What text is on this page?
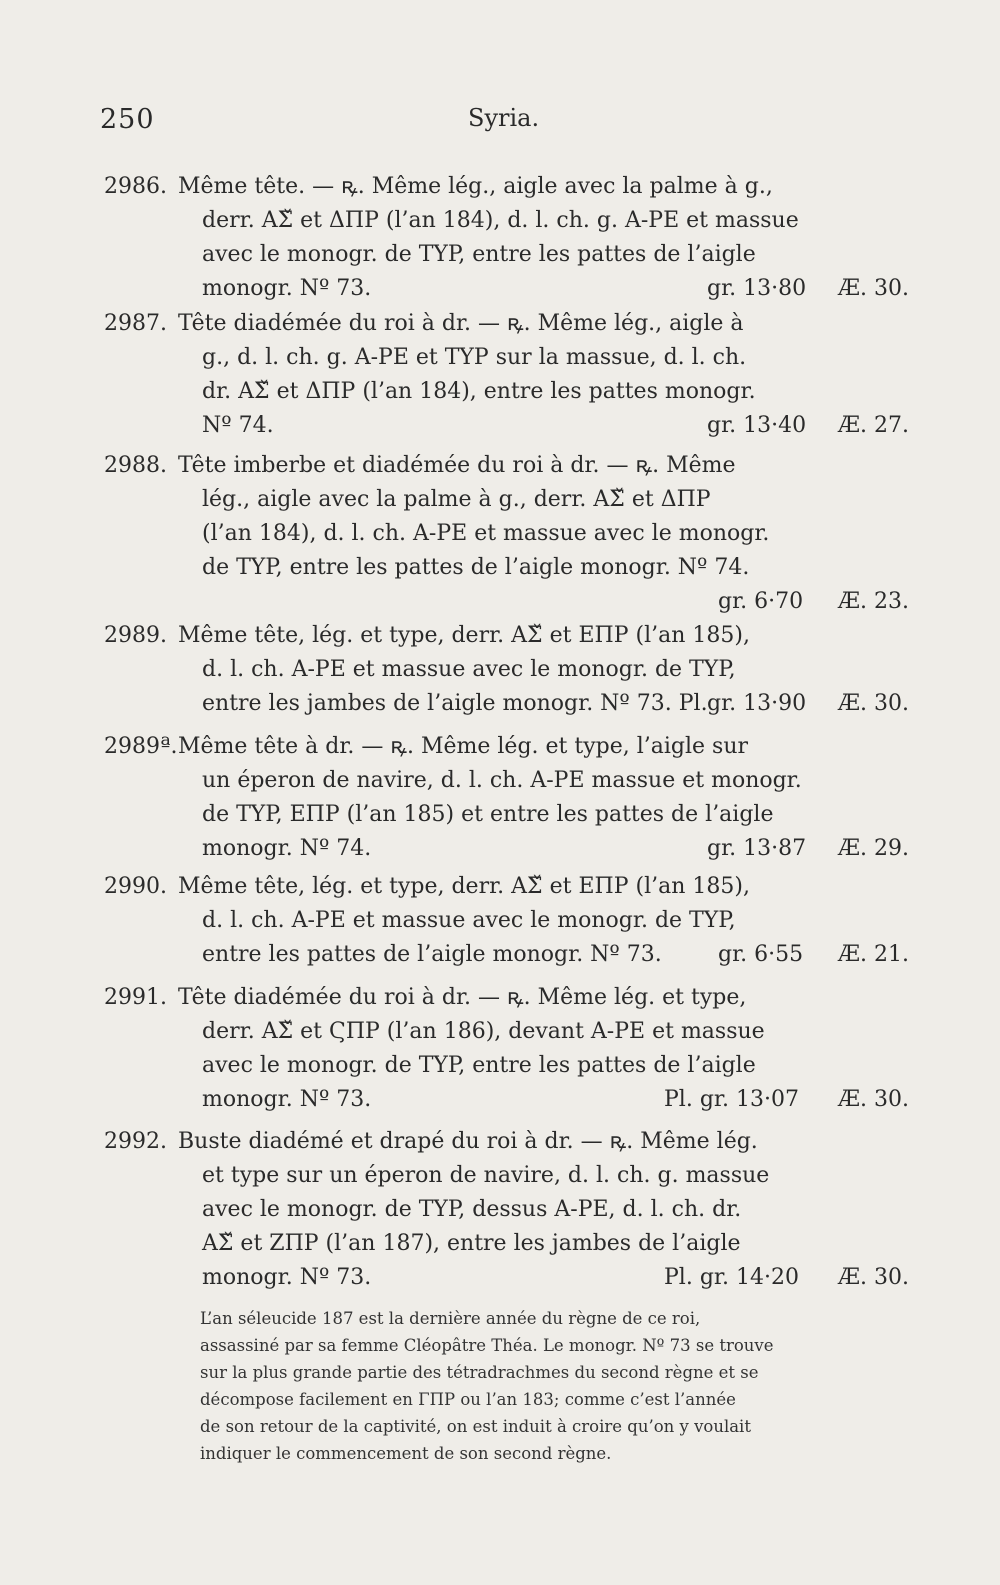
250	Syria.
2986. Même tête. — ꝶ. Même lég., aigle avec la palme à g.,
derr. AΣ̌ et ΔΠΡ (l’an 184), d. l. ch. g. A-PE et massue
avec le monogr. de TYP, entre les pattes de l’aigle
monogr. Nº 73.	gr. 13·80 Æ. 30.
2987. Tête diadémée du roi à dr. — ꝶ. Même lég., aigle à
g., d. l. ch. g. A-PE et TYP sur la massue, d. l. ch.
dr. AΣ̌ et ΔΠΡ (l’an 184), entre les pattes monogr.
Nº 74.	gr. 13·40 Æ. 27.
2988. Tête imberbe et diadémée du roi à dr. — ꝶ. Même
lég., aigle avec la palme à g., derr. AΣ̌ et ΔΠΡ
(l’an 184), d. l. ch. A-PE et massue avec le monogr.
de TYP, entre les pattes de l’aigle monogr. Nº 74.
gr. 6·70 Æ. 23.
2989. Même tête, lég. et type, derr. AΣ̌ et ΕΠΡ (l’an 185),
d. l. ch. A-PE et massue avec le monogr. de TYP,
entre les jambes de l’aigle monogr. Nº 73. Pl. gr. 13·90 Æ. 30.
2989ª. Même tête à dr. — ꝶ. Même lég. et type, l’aigle sur
un éperon de navire, d. l. ch. A-PE massue et monogr.
de TYP, ΕΠΡ (l’an 185) et entre les pattes de l’aigle
monogr. Nº 74.	gr. 13·87 Æ. 29.
2990. Même tête, lég. et type, derr. AΣ̌ et ΕΠΡ (l’an 185),
d. l. ch. A-PE et massue avec le monogr. de TYP,
entre les pattes de l’aigle monogr. Nº 73.	gr. 6·55 Æ. 21.
2991. Tête diadémée du roi à dr. — ꝶ. Même lég. et type,
derr. AΣ̌ et ϚΠΡ (l’an 186), devant A-PE et massue
avec le monogr. de TYP, entre les pattes de l’aigle
monogr. Nº 73.	Pl. gr. 13·07 Æ. 30.
2992. Buste diadémé et drapé du roi à dr. — ꝶ. Même lég.
et type sur un éperon de navire, d. l. ch. g. massue
avec le monogr. de TYP, dessus A-PE, d. l. ch. dr.
AΣ̌ et ΖΠΡ (l’an 187), entre les jambes de l’aigle
monogr. Nº 73.	Pl. gr. 14·20 Æ. 30.
L’an séleucide 187 est la dernière année du règne de ce roi,
assassiné par sa femme Cléopâtre Théa. Le monogr. Nº 73 se trouve
sur la plus grande partie des tétradrachmes du second règne et se
décompose facilement en ΓΠΡ ou l’an 183; comme c’est l’année
de son retour de la captivité, on est induit à croire qu’on y voulait
indiquer le commencement de son second règne.
